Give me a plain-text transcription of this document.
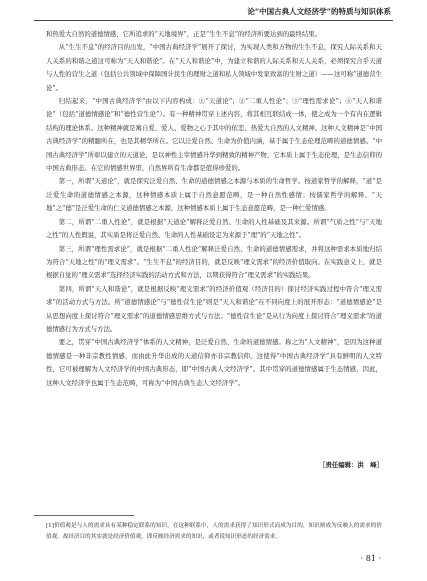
论“中国古典人文经济学”的特质与知识体系

和热爱大自然的道德情感，它所追求的“天地境界”，正是“生生不息”的经济所要达到的最终结果。

从“生生不息”的经济目的出发，“中国古典经济学”展开了探讨，为实现人类和万物的生生不息，探究人际关系和天人关系的和谐之道这可称为“天人和谐论”。在“天人和谐论”中，为建立和谐的人际关系和天人关系，必须探究合乎天道与人性的营生之道（包括公共领域中保障国计民生的理财之道和私人领域中发家致富的生财之道）——这可称“道德营生论”。

归结起来，“中国古典经济学”由以下内容构成：①“天道论”；②“二重人性论”；③“理性需求论”；④“天人和谐论”（包括“道德情感论”和“德性营生论”）。有一种精神贯穿上述内容，将其相互联结成一体，使之成为一个有内在逻辑结构的理论体系。这种精神就是寓自爱、爱人、爱物之心于其中的依恋、热爱大自然的人文精神。这种人文精神是“中国古典经济学”的精髓所在，也是其精华所在。它以泛爱自然、生命为价值内涵，基于属于生态伦理范畴的道德情感。“中国古典经济学”所彰以建立的天道论，是以神性主宰情感升华到精致的精神产物，它本质上属于生态伦理，是生态信仰的中国古典形态。在它的情感世界里，自然界所有生命都是值得珍爱的。

第一，所谓“天道论”，就是探究泛爱自然、生命的道德情感之本源与本质的生命哲学。按道家哲学的解释，“道”是泛爱生命的道德情感之本源，这种情感本质上属于自然意愿范畴，是一种自然性感情；按儒家哲学的解释，“天地”之“德”是泛爱生命的仁义道德情感之本源，这种情感本质上属于生态意愿范畴，是一种仁爱情感。

第二，所谓“二重人性论”，就是根据“天道论”解释泛爱自然、生命的人性基础及其来源。所谓“气质之性”与“天地之性”的人性假说，其实质是将泛爱自然、生命的人性基础设定为来源于“理”的“天地之性”。

第三，所谓“理性需求论”，就是根据“二重人性论”解释泛爱自然、生命的道德情感需求，并将这种需求本质地归结为符合“天地之性”的“理义需求”。“生生不息”的经济目的，就是反映“理义需求”的经济价值取向。在实践意义上，就是根据自觉的“理义需求”选择经济实践的活动方式和方法，以期获得符合“理义需求”的实践结果。

第四，所谓“天人和谐论”，就是根据反映“理义需求”的经济价值观（经济目的）探讨经济实践过程中符合“理义需求”的活动方式与方法。所“道德情感论”与“德性营生论”则是“天人和谐论”在不同向度上的展开形态：“道德情感论”是从思想向度上探讨符合“理义需求”的道德情感思维方式与方法；“德性营生论”是从行为向度上探讨符合“理义需求”的道德情感行为方式与方法。

要之，贯穿“中国古典经济学”体系的人文精神，是泛爱自然、生命的道德情感。称之为“人文精神”，是因为这种道德情感是一种非宗教性情感，而由此升华出成的天道信仰亦非宗教信仰。这使得“中国古典经济学”具有鲜明的人文特性，它可被理解为人文经济学的中国古典形态，即“中国古典人文经济学”。其中贯穿的道德情感属于生态情感，因此，这种人文经济学也属于生态范畴，可称为“中国古典生态人文经济学”。

［责任编辑：洪　峰］
[1]价值观是与人的需求具有某种稳定联系的知识，在这种联系中，人的需求获得了知识形式而成为目的，知识则成为反映人的需求的价值观。故经济目的其实就是经济价值观，即反映经济需求的知识，或者说知识形态的经济需求。
· 81 ·
